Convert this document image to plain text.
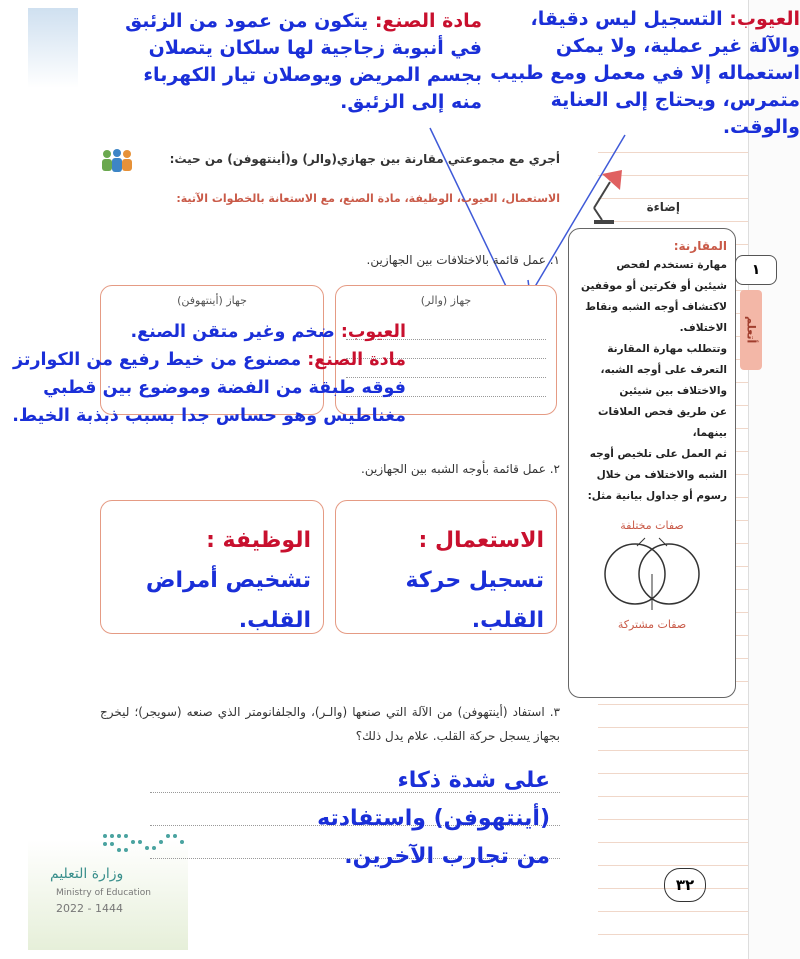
العيوب: التسجيل ليس دقيقا، والآلة غير عملية، ولا يمكن استعماله إلا في معمل ومع طبيب متمرس، ويحتاج إلى العناية والوقت.
مادة الصنع: يتكون من عمود من الزئبق في أنبوبة زجاجية لها سلكان يتصلان بجسم المريض ويوصلان تيار الكهرباء منه إلى الزئبق.
أجري مع مجموعتي مقارنة بين جهازي(والر) و(أينتهوفن) من حيث:
الاستعمال، العيوب، الوظيفة، مادة الصنع، مع الاستعانة بالخطوات الآتية:
١. عمل قائمة بالاختلافات بين الجهازين.
جهاز (والر)
جهاز (أينتهوفن)
العيوب: ضخم وغير متقن الصنع.
مادة الصنع: مصنوع من خيط رفيع من الكوارتز فوقه طبقة من الفضة وموضوع بين قطبي مغناطيس وهو حساس جدا بسبب ذبذبة الخيط.
٢. عمل قائمة بأوجه الشبه بين الجهازين.
الاستعمال : تسجيل حركة القلب.
الوظيفة : تشخيص أمراض القلب.
٣. استفاد (أينتهوفن) من الآلة التي صنعها (والـر)، والجلفانومتر الذي صنعه (سويجر)؛ ليخرج بجهاز يسجل حركة القلب. علام يدل ذلك؟
على شدة ذكاء (أينتهوفن) واستفادته من تجارب الآخرين.
إضاءة
المقارنة:
مهارة تستخدم لفحص
شيئين أو فكرتين أو موقفين
لاكتشاف أوجه الشبه ونقاط
الاختلاف.
وتتطلب مهارة المقارنة
التعرف على أوجه الشبه،
والاختلاف بين شيئين
عن طريق فحص العلاقات
بينهما،
ثم العمل على تلخيص أوجه
الشبه والاختلاف من خلال
رسوم أو جداول بيانية مثل:
صفات مختلفة
صفات مشتركة
١
أتعلم
وزارة التعليم
Ministry of Education
2022 - 1444
٣٢
